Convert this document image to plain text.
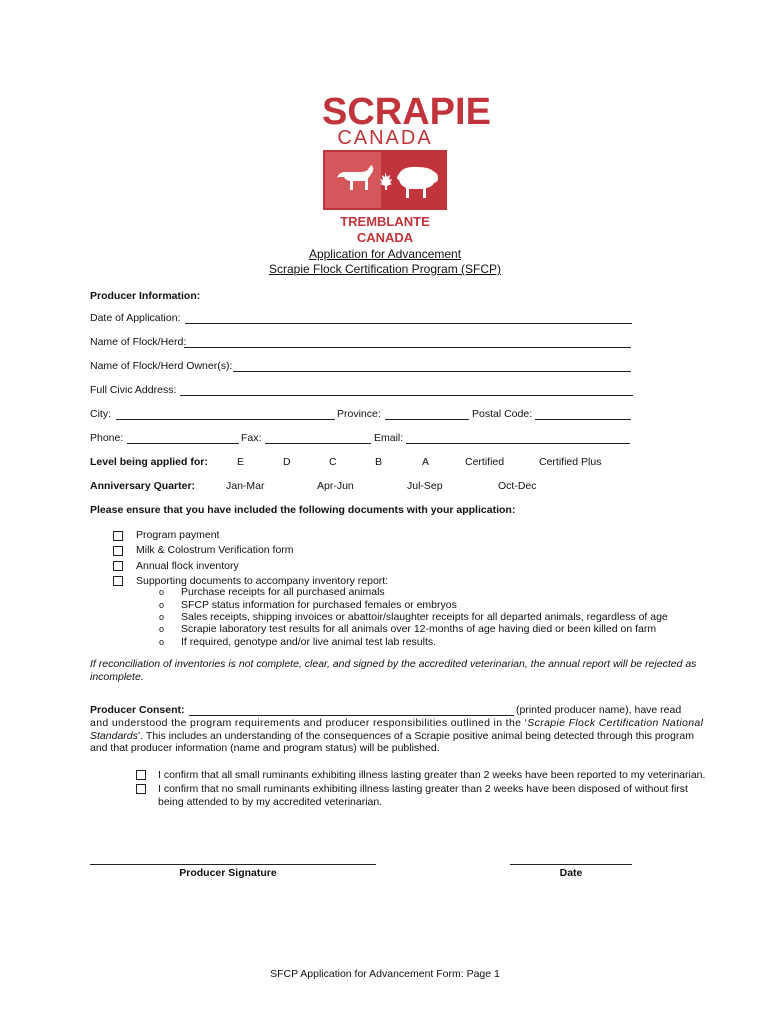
SCRAPIE
CANADA
TREMBLANTE CANADA
Application for Advancement
Scrapie Flock Certification Program (SFCP)
Producer Information:
Date of Application:
Name of Flock/Herd:
Name of Flock/Herd Owner(s):
Full Civic Address:
City:	Province:	Postal Code:
Phone:	Fax:	Email:
Level being applied for:	E	D	C	B	A	Certified	Certified Plus
Anniversary Quarter:	Jan-Mar	Apr-Jun	Jul-Sep	Oct-Dec
Please ensure that you have included the following documents with your application:
Program payment
Milk & Colostrum Verification form
Annual flock inventory
Supporting documents to accompany inventory report:
o Purchase receipts for all purchased animals
o SFCP status information for purchased females or embryos
o Sales receipts, shipping invoices or abattoir/slaughter receipts for all departed animals, regardless of age
o Scrapie laboratory test results for all animals over 12-months of age having died or been killed on farm
o If required, genotype and/or live animal test lab results.
If reconciliation of inventories is not complete, clear, and signed by the accredited veterinarian, the annual report will be rejected as
incomplete.
Producer Consent:	(printed producer name), have read
and understood the program requirements and producer responsibilities outlined in the ‘Scrapie Flock Certification National
Standards’. This includes an understanding of the consequences of a Scrapie positive animal being detected through this program
and that producer information (name and program status) will be published.
I confirm that all small ruminants exhibiting illness lasting greater than 2 weeks have been reported to my veterinarian.
I confirm that no small ruminants exhibiting illness lasting greater than 2 weeks have been disposed of without first
being attended to by my accredited veterinarian.
Producer Signature	Date
SFCP Application for Advancement Form: Page 1
